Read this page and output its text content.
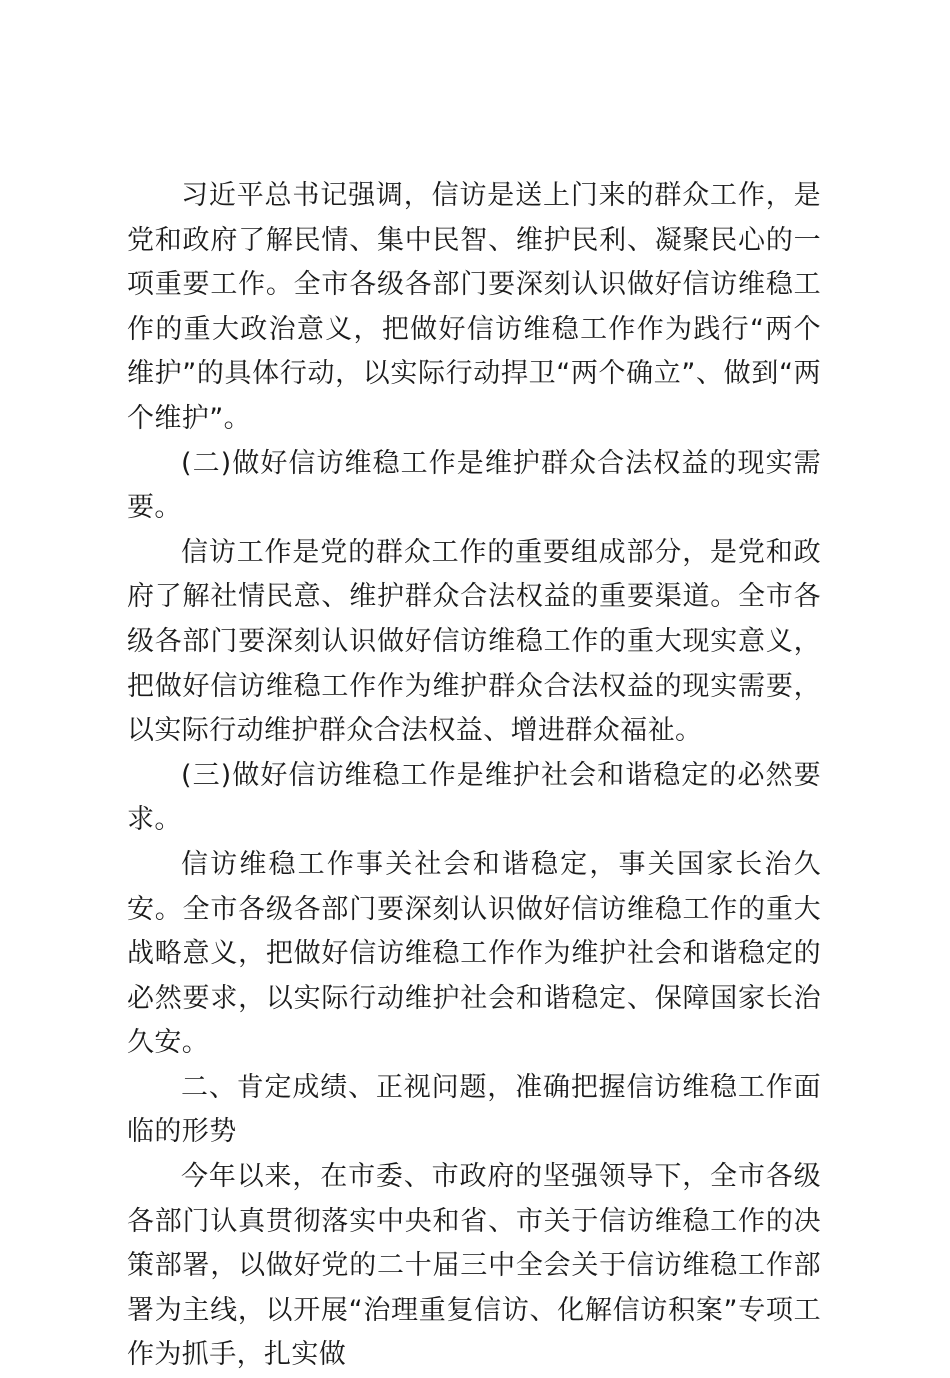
习近平总书记强调，信访是送上门来的群众工作，是党和政府了解民情、集中民智、维护民利、凝聚民心的一项重要工作。全市各级各部门要深刻认识做好信访维稳工作的重大政治意义，把做好信访维稳工作作为践行“两个维护”的具体行动，以实际行动捍卫“两个确立”、做到“两个维护”。

(二)做好信访维稳工作是维护群众合法权益的现实需要。

信访工作是党的群众工作的重要组成部分，是党和政府了解社情民意、维护群众合法权益的重要渠道。全市各级各部门要深刻认识做好信访维稳工作的重大现实意义，把做好信访维稳工作作为维护群众合法权益的现实需要，以实际行动维护群众合法权益、增进群众福祉。

(三)做好信访维稳工作是维护社会和谐稳定的必然要求。

信访维稳工作事关社会和谐稳定，事关国家长治久安。全市各级各部门要深刻认识做好信访维稳工作的重大战略意义，把做好信访维稳工作作为维护社会和谐稳定的必然要求，以实际行动维护社会和谐稳定、保障国家长治久安。

二、肯定成绩、正视问题，准确把握信访维稳工作面临的形势

今年以来，在市委、市政府的坚强领导下，全市各级各部门认真贯彻落实中央和省、市关于信访维稳工作的决策部署，以做好党的二十届三中全会关于信访维稳工作部署为主线，以开展“治理重复信访、化解信访积案”专项工作为抓手，扎实做
